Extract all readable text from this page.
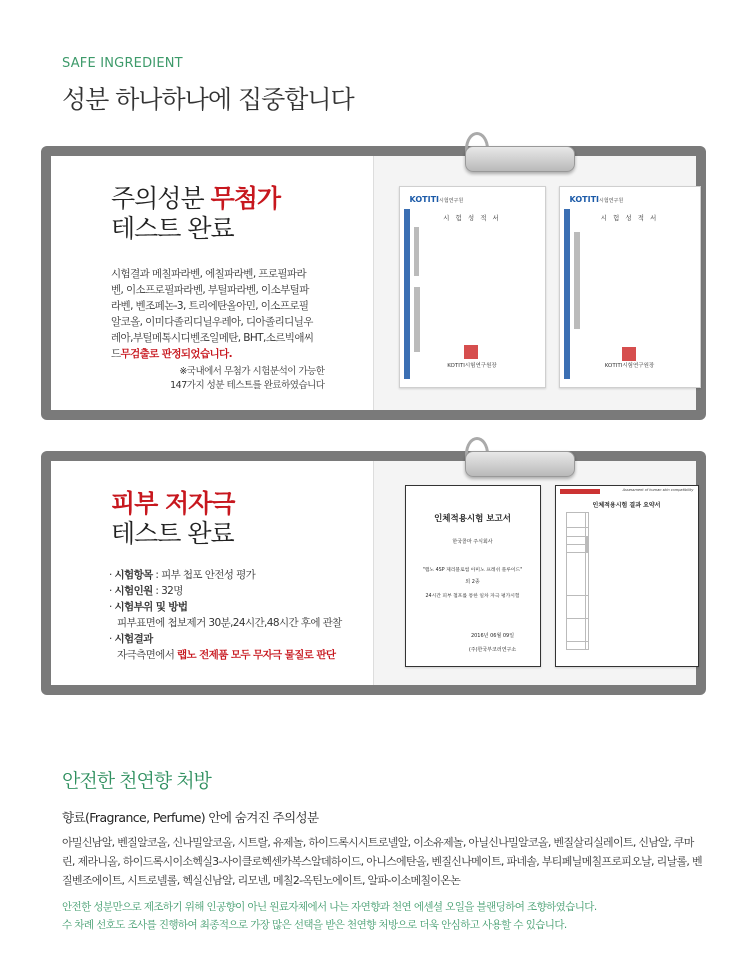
SAFE INGREDIENT
성분 하나하나에 집중합니다
주의성분 무첨가
테스트 완료
시험결과 메칠파라벤, 에칠파라벤, 프로필파라벤, 이소프로필파라벤, 부틸파라벤, 이소부틸파라벤, 벤조페논-3, 트리에탄올아민, 이소프로필알코올, 이미다졸리디닐우레아, 디아졸리디닐우레아,부틸메톡시디벤조일메탄, BHT,소르빅애씨드무검출로 판정되었습니다.
※국내에서 무첨가 시험분석이 가능한
147가지 성분 테스트를 완료하였습니다
KOTITI시험연구원
시 험 성 적 서

KOTITI시험연구원장
KOTITI시험연구원
시 험 성 적 서

KOTITI시험연구원장
피부 저자극
테스트 완료
· 시험항목 : 피부 첩포 안전성 평가
· 시험인원 : 32명
· 시험부위 및 방법
피부표면에 첩보제거 30분,24시간,48시간 후에 관찰
· 시험결과
자극측면에서 랩노 전제품 모두 무자극 물질로 판단
인체적용시험 보고서
한국콜마 주식회사
"랩노 4SP 제리블로썸 아미노 프레쉬 플루이드"
외 2종
24시간 피부 첩포를 통한 일차 자극 평가시험
2016년 06월 09일
(주)한국부코러연구소
Assessment of human skin compatibility
인체적용시험 결과 요약서

안전한 천연향 처방
향료(Fragrance, Perfume) 안에 숨겨진 주의성분
아밀신남알, 벤질알코올, 신나밀알코올, 시트랄, 유제놀, 하이드록시시트로넬알, 이소유제놀, 아닐신나밀알코올, 벤질살리실레이트, 신남알, 쿠마린, 제라니올, 하이드록시이소헥실3-사이클로헥센카복스알데하이드, 아니스에탄올, 벤질신나메이트, 파네솔, 부티페닐메칠프로피오날, 리날롤, 벤질벤조에이트, 시트로넬롤, 헥실신남알, 리모넨, 메칠2-옥틴노에이트, 알파-이소메칠이온논
안전한 성분만으로 제조하기 위해 인공향이 아닌 원료자체에서 나는 자연향과 천연 에센셜 오일을 블랜딩하여 조향하였습니다.
수 차례 선호도 조사를 진행하여 최종적으로 가장 많은 선택을 받은 천연향 처방으로 더욱 안심하고 사용할 수 있습니다.
